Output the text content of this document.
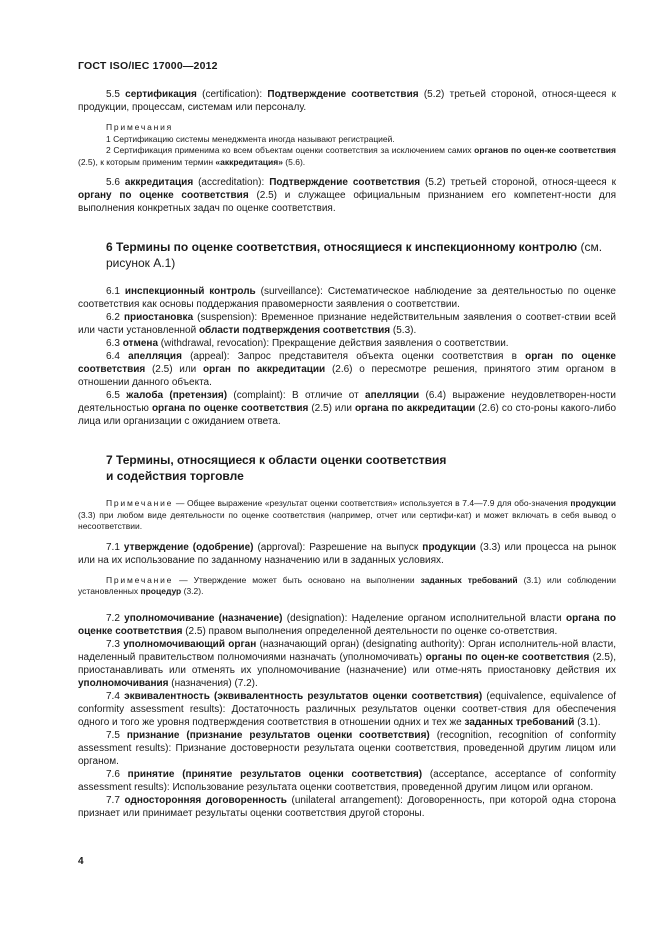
ГОСТ ISO/IEC 17000—2012

5.5 сертификация (certification): Подтверждение соответствия (5.2) третьей стороной, относя-щееся к продукции, процессам, системам или персоналу.

Примечания

1 Сертификацию системы менеджмента иногда называют регистрацией.

2 Сертификация применима ко всем объектам оценки соответствия за исключением самих органов по оцен-ке соответствия (2.5), к которым применим термин «аккредитация» (5.6).

5.6 аккредитация (accreditation): Подтверждение соответствия (5.2) третьей стороной, относя-щееся к органу по оценке соответствия (2.5) и служащее официальным признанием его компетент-ности для выполнения конкретных задач по оценке соответствия.

6 Термины по оценке соответствия, относящиеся к инспекционному контролю (см. рисунок А.1)

6.1 инспекционный контроль (surveillance): Систематическое наблюдение за деятельностью по оценке соответствия как основы поддержания правомерности заявления о соответствии.

6.2 приостановка (suspension): Временное признание недействительным заявления о соответ-ствии всей или части установленной области подтверждения соответствия (5.3).

6.3 отмена (withdrawal, revocation): Прекращение действия заявления о соответствии.

6.4 апелляция (appeal): Запрос представителя объекта оценки соответствия в орган по оценке соответствия (2.5) или орган по аккредитации (2.6) о пересмотре решения, принятого этим органом в отношении данного объекта.

6.5 жалоба (претензия) (complaint): В отличие от апелляции (6.4) выражение неудовлетворен-ности деятельностью органа по оценке соответствия (2.5) или органа по аккредитации (2.6) со сто-роны какого-либо лица или организации с ожиданием ответа.

7 Термины, относящиеся к области оценки соответствия
и содействия торговле

Примечание — Общее выражение «результат оценки соответствия» используется в 7.4—7.9 для обо-значения продукции (3.3) при любом виде деятельности по оценке соответствия (например, отчет или сертифи-кат) и может включать в себя вывод о несоответствии.

7.1 утверждение (одобрение) (approval): Разрешение на выпуск продукции (3.3) или процесса на рынок или на их использование по заданному назначению или в заданных условиях.

Примечание — Утверждение может быть основано на выполнении заданных требований (3.1) или соблюдении установленных процедур (3.2).

7.2 уполномочивание (назначение) (designation): Наделение органом исполнительной власти органа по оценке соответствия (2.5) правом выполнения определенной деятельности по оценке со-ответствия.

7.3 уполномочивающий орган (назначающий орган) (designating authority): Орган исполнитель-ной власти, наделенный правительством полномочиями назначать (уполномочивать) органы по оцен-ке соответствия (2.5), приостанавливать или отменять их уполномочивание (назначение) или отме-нять приостановку действия их уполномочивания (назначения) (7.2).

7.4 эквивалентность (эквивалентность результатов оценки соответствия) (equivalence, equivalence of conformity assessment results): Достаточность различных результатов оценки соответ-ствия для обеспечения одного и того же уровня подтверждения соответствия в отношении одних и тех же заданных требований (3.1).

7.5 признание (признание результатов оценки соответствия) (recognition, recognition of conformity assessment results): Признание достоверности результата оценки соответствия, проведенной другим лицом или органом.

7.6 принятие (принятие результатов оценки соответствия) (acceptance, acceptance of conformity assessment results): Использование результата оценки соответствия, проведенной другим лицом или органом.

7.7 односторонняя договоренность (unilateral arrangement): Договоренность, при которой одна сторона признает или принимает результаты оценки соответствия другой стороны.

4
